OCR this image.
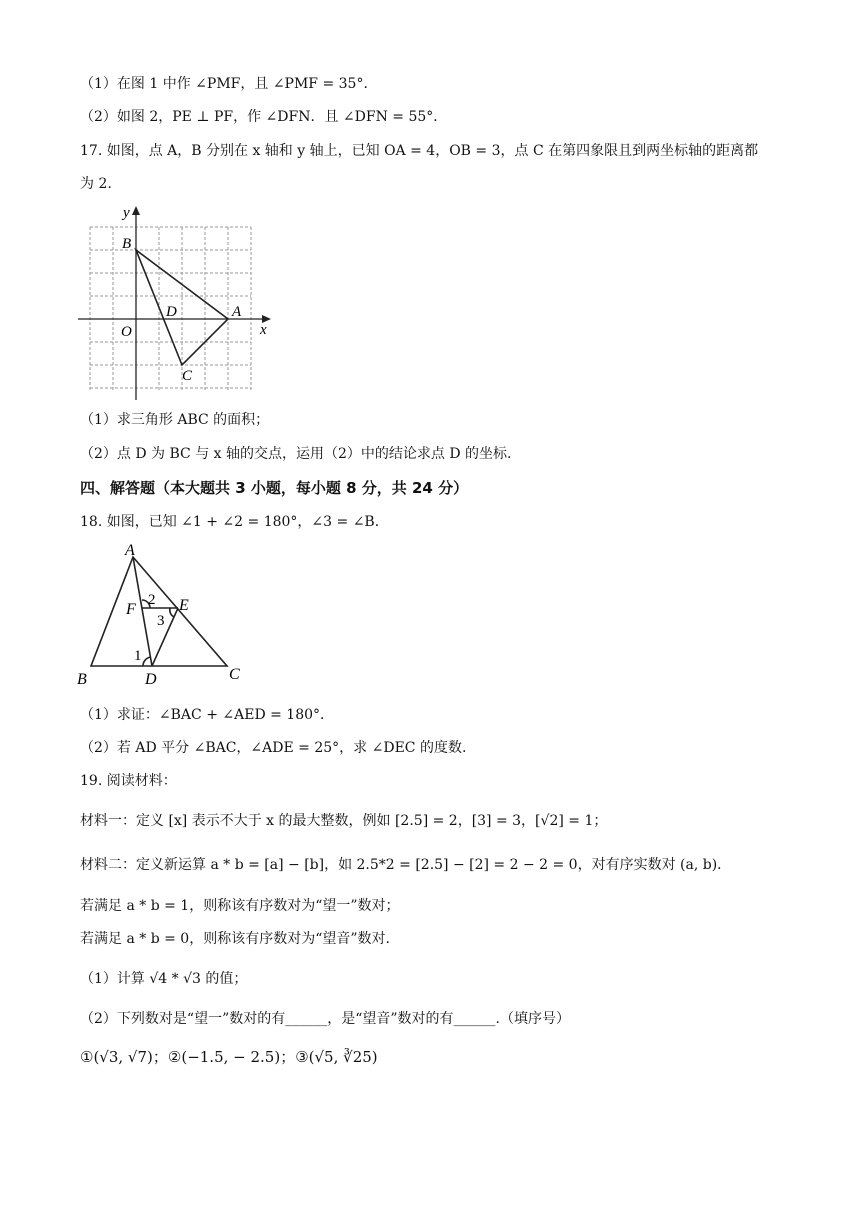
（1）在图 1 中作 ∠PMF，且 ∠PMF = 35°．
（2）如图 2，PE ⊥ PF，作 ∠DFN．且 ∠DFN = 55°．
17. 如图，点 A，B 分别在 x 轴和 y 轴上，已知 OA = 4，OB = 3，点 C 在第四象限且到两坐标轴的距离都
为 2.
y
x
B
D	A
O
C
（1）求三角形 ABC 的面积；
（2）点 D 为 BC 与 x 轴的交点，运用（2）中的结论求点 D 的坐标.
四、解答题（本大题共 3 小题，每小题 8 分，共 24 分）
18. 如图，已知 ∠1 + ∠2 = 180°，∠3 = ∠B．
A
F
2 E
3
1
B	D	C
（1）求证：∠BAC + ∠AED = 180°．
（2）若 AD 平分 ∠BAC，∠ADE = 25°，求 ∠DEC 的度数.
19. 阅读材料：
材料一：定义 [x] 表示不大于 x 的最大整数，例如 [2.5] = 2，[3] = 3，[√2] = 1；
材料二：定义新运算 a * b = [a] − [b]，如 2.5*2 = [2.5] − [2] = 2 − 2 = 0，对有序实数对 (a, b)．
若满足 a * b = 1，则称该有序数对为“望一”数对；
若满足 a * b = 0，则称该有序数对为“望音”数对.
（1）计算 √4 * √3 的值；
（2）下列数对是“望一”数对的有______，是“望音”数对的有______.（填序号）
①(√3, √7)；②(−1.5, − 2.5)；③(√5, ∛25)
